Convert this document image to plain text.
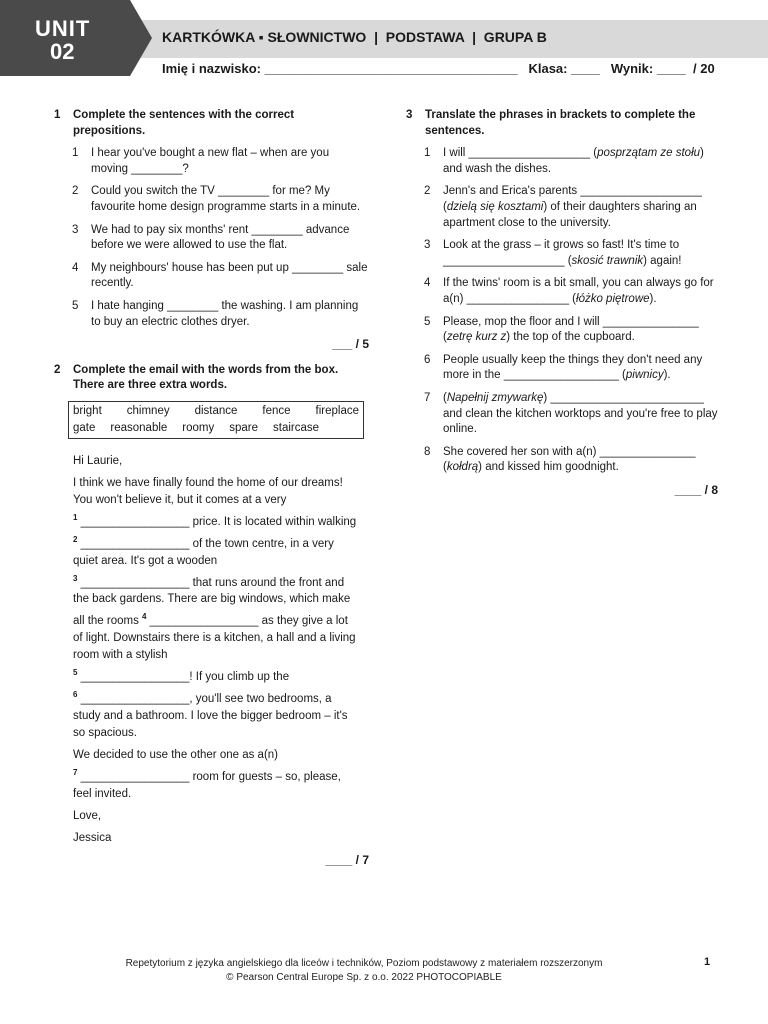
UNIT
02
KARTKÓWKA ▪ SŁOWNICTWO  |  PODSTAWA  |  GRUPA B
Imię i nazwisko: ___________________________________   Klasa: ____   Wynik: ____  / 20
1	Complete the sentences with the correct prepositions.
1	I hear you've bought a new flat – when are you moving ________?
2	Could you switch the TV ________ for me? My favourite home design programme starts in a minute.
3	We had to pay six months' rent ________ advance before we were allowed to use the flat.
4	My neighbours' house has been put up ________ sale recently.
5	I hate hanging ________ the washing. I am planning to buy an electric clothes dryer.
___ / 5
2	Complete the email with the words from the box. There are three extra words.
bright chimney distance fence fireplace
gate reasonable roomy spare staircase

Hi Laurie,

I think we have finally found the home of our dreams! You won't believe it, but it comes at a very
$^1$ _________________ price. It is located within walking $^2$ _________________ of the town centre, in a very quiet area. It's got a wooden
$^3$ _________________ that runs around the front and the back gardens. There are big windows, which make all the rooms $^4$ _________________ as they give a lot of light. Downstairs there is a kitchen, a hall and a living room with a stylish
$^5$ _________________! If you climb up the
$^6$ _________________, you'll see two bedrooms, a study and a bathroom. I love the bigger bedroom – it's so spacious.

We decided to use the other one as a(n)
$^7$ _________________ room for guests – so, please, feel invited.

Love,

Jessica

____ / 7
3	Translate the phrases in brackets to complete the sentences.
1	I will ___________________ (posprzątam ze stołu) and wash the dishes.
2	Jenn's and Erica's parents ___________________ (dzielą się kosztami) of their daughters sharing an apartment close to the university.
3	Look at the grass – it grows so fast! It's time to ___________________ (skosić trawnik) again!
4	If the twins' room is a bit small, you can always go for a(n) ________________ (łóżko piętrowe).
5	Please, mop the floor and I will _______________ (zetrę kurz z) the top of the cupboard.
6	People usually keep the things they don't need any more in the __________________ (piwnicy).
7	(Napełnij zmywarkę) ________________________ and clean the kitchen worktops and you're free to play online.
8	She covered her son with a(n) _______________ (kołdrą) and kissed him goodnight.
____ / 8
Repetytorium z języka angielskiego dla liceów i techników, Poziom podstawowy z materiałem rozszerzonym
© Pearson Central Europe Sp. z o.o. 2022 PHOTOCOPIABLE
1
